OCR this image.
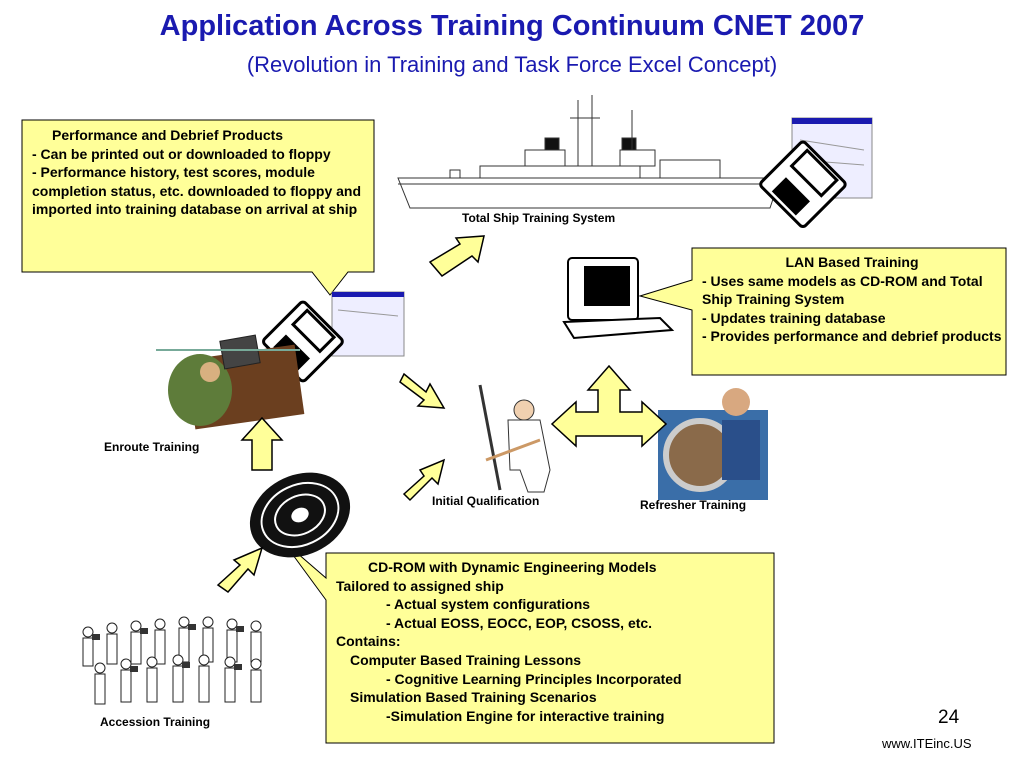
Application Across Training Continuum CNET 2007
(Revolution in Training and Task Force Excel Concept)
Performance and Debrief Products
- Can be printed out or downloaded to floppy
- Performance history, test scores, module completion status, etc. downloaded to floppy and imported into training database on arrival at ship
LAN Based Training
- Uses same models as CD-ROM and Total Ship Training System
- Updates training database
- Provides performance and debrief products
CD-ROM with Dynamic Engineering Models
Tailored to assigned ship
- Actual system configurations
- Actual EOSS, EOCC, EOP, CSOSS, etc.
Contains:
Computer Based Training Lessons
- Cognitive Learning Principles Incorporated
Simulation Based Training Scenarios
-Simulation Engine for interactive training
Total Ship Training System
Enroute Training
Initial Qualification	Refresher Training
Accession Training	24
www.ITEinc.US
